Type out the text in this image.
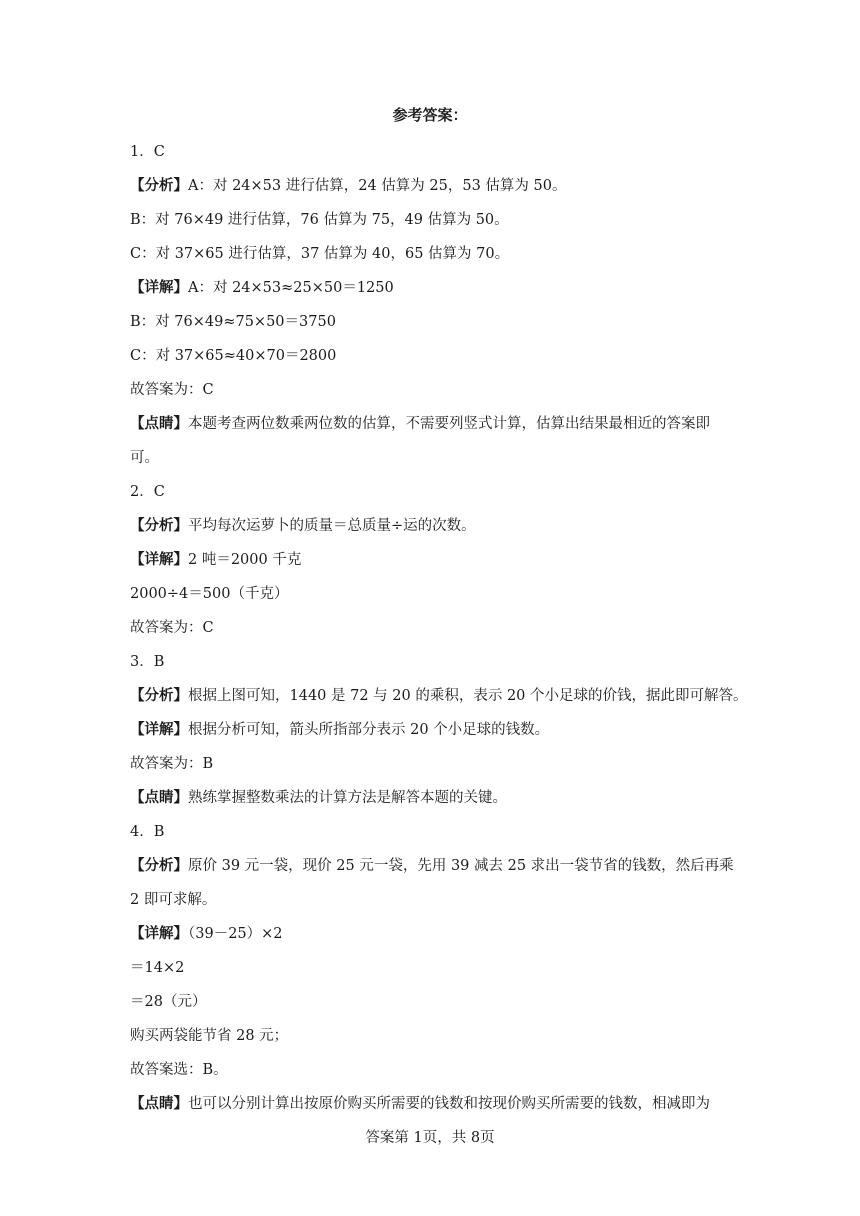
参考答案：
1．C
【分析】A：对 24×53 进行估算，24 估算为 25，53 估算为 50。
B：对 76×49 进行估算，76 估算为 75，49 估算为 50。
C：对 37×65 进行估算，37 估算为 40，65 估算为 70。
【详解】A：对 24×53≈25×50＝1250
B：对 76×49≈75×50＝3750
C：对 37×65≈40×70＝2800
故答案为：C
【点睛】本题考查两位数乘两位数的估算，不需要列竖式计算，估算出结果最相近的答案即
可。
2．C
【分析】平均每次运萝卜的质量＝总质量÷运的次数。
【详解】2 吨＝2000 千克
2000÷4＝500（千克）
故答案为：C
3．B
【分析】根据上图可知，1440 是 72 与 20 的乘积，表示 20 个小足球的价钱，据此即可解答。
【详解】根据分析可知，箭头所指部分表示 20 个小足球的钱数。
故答案为：B
【点睛】熟练掌握整数乘法的计算方法是解答本题的关键。
4．B
【分析】原价 39 元一袋，现价 25 元一袋，先用 39 减去 25 求出一袋节省的钱数，然后再乘
2 即可求解。
【详解】（39－25）×2
＝14×2
＝28（元）
购买两袋能节省 28 元；
故答案选：B。
【点睛】也可以分别计算出按原价购买所需要的钱数和按现价购买所需要的钱数，相减即为
答案第 1页，共 8页
